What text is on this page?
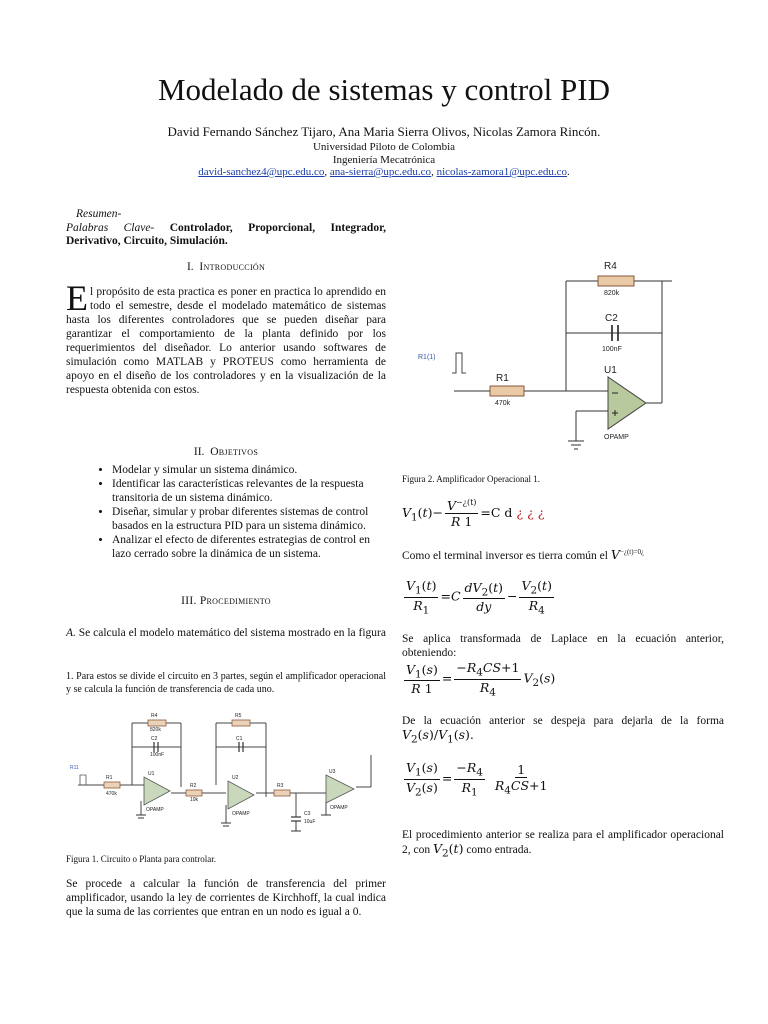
Modelado de sistemas y control PID
David Fernando Sánchez Tijaro, Ana Maria Sierra Olivos, Nicolas Zamora Rincón.
Universidad Piloto de Colombia
Ingeniería Mecatrónica
david-sanchez4@upc.edu.co, ana-sierra@upc.edu.co, nicolas-zamora1@upc.edu.co.
Resumen-
Palabras Clave- Controlador, Proporcional, Integrador, Derivativo, Circuito, Simulación.
I. Introducción
El propósito de esta practica es poner en practica lo aprendido en todo el semestre, desde el modelado matemático de sistemas hasta los diferentes controladores que se pueden diseñar para garantizar el comportamiento de la planta definido por los requerimientos del diseñador. Lo anterior usando softwares de simulación como MATLAB y PROTEUS como herramienta de apoyo en el diseño de los controladores y en la visualización de la respuesta obtenida con estos.
II. Objetivos
• Modelar y simular un sistema dinámico.
• Identificar las características relevantes de la respuesta transitoria de un sistema dinámico.
• Diseñar, simular y probar diferentes sistemas de control basados en la estructura PID para un sistema dinámico.
• Analizar el efecto de diferentes estrategias de control en lazo cerrado sobre la dinámica de un sistema.
III. Procedimiento
A. Se calcula el modelo matemático del sistema mostrado en la figura
1. Para estos se divide el circuito en 3 partes, según el amplificador operacional y se calcula la función de transferencia de cada uno.
R4	R5
C2	C1
R11
R1
U1
R2
U2
R3
U3
C3
OPAMP
OPAMP
OPAMP
470k
820k
100nF
10k
10uF
Figura 1. Circuito o Planta para controlar.
Se procede a calcular la función de transferencia del primer amplificador, usando la ley de corrientes de Kirchhoff, la cual indica que la suma de las corrientes que entran en un nodo es igual a 0.
R4
820k
C2
100nF
R1
470k
U1
OPAMP
R1(1)
Figura 2. Amplificador Operacional 1.
$V_1(t)- \frac{V^{-¿(t)}}{R 1} =C$ d ¿ ¿ ¿
Como el terminal inversor es tierra común el $V^{-¿(t)=0¿}$
$\frac{V_1(t)}{R_1} =C \frac{dV_2(t)}{dy} - \frac{V_2(t)}{R_4}$
Se aplica transformada de Laplace en la ecuación anterior, obteniendo:
$\frac{V_1(s)}{R 1} = \frac{-R_4CS+1}{R_4} V_2(s)$
De la ecuación anterior se despeja para dejarla de la forma $V_2(s)/V_1(s)$.
$\frac{V_1(s)}{V_2(s)} = \frac{-R_4}{R_1}$
$\frac{1}{R_4CS+1}$
El procedimiento anterior se realiza para el amplificador operacional 2, con $V_2(t)$ como entrada.
